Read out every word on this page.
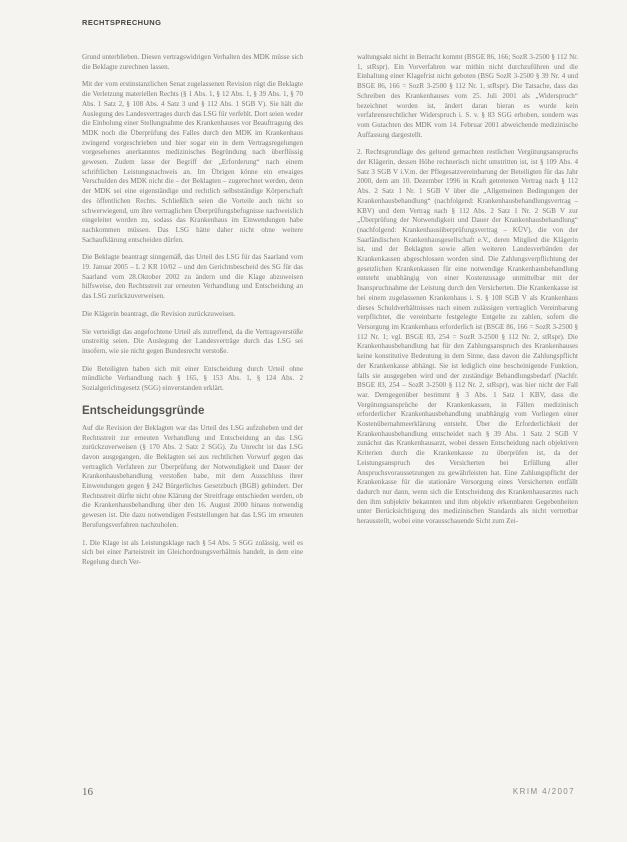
RECHTSPRECHUNG

Grund unterblieben. Diesen vertragswidrigen Verhalten des MDK müsse sich die Beklagte zurechnen lassen.

Mit der vom erstinstanzlichen Senat zugelassenen Revision rügt die Beklagte die Verletzung materiellen Rechts (§ 1 Abs. 1, § 12 Abs. 1, § 39 Abs. 1, § 70 Abs. 1 Satz 2, § 108 Abs. 4 Satz 3 und § 112 Abs. 1 SGB V). Sie hält die Auslegung des Landesvertrages durch das LSG für verfehlt. Dort seien weder die Einholung einer Stellungnahme des Krankenhauses vor Beauftragung des MDK noch die Überprüfung des Falles durch den MDK im Krankenhaus zwingend vorgeschrieben und hier sogar ein in dem Vertragsregelungen vorgesehenes anerkanntes medizinisches Begründung nach überflüssig gewesen. Zudem lasse der Begriff der „Erforderung“ nach einem schriftlichen Leistungsnachweis an. Im Übrigen könne ein etwaiges Verschulden des MDK nicht die – der Beklagten – zugerechnet werden, denn der MDK sei eine eigenständige und rechtlich selbstständige Körperschaft des öffentlichen Rechts. Schließlich seien die Vorteile auch nicht so schwerwiegend, um ihre vertraglichen Überprüfungsbefugnisse nachweislich eingeleitet worden zu, sodass das Krankenhaus im Einwendungen habe nachkommen müssen. Das LSG hätte daher nicht ohne weitere Sachaufklärung entscheiden dürfen.

Die Beklagte beantragt sinngemäß, das Urteil des LSG für das Saarland vom 19. Januar 2005 – L 2 KR 10/02 – und den Gerichtsbescheid des SG für das Saarland vom 28.Oktober 2002 zu ändern und die Klage abzuweisen hilfsweise, den Rechtsstreit zur erneuten Verhandlung und Entscheidung an das LSG zurückzuverweisen.

Die Klägerin beantragt, die Revision zurückzuweisen.

Sie verteidigt das angefochtene Urteil als zutreffend, da die Vertragsverstöße unstreitig seien. Die Auslegung der Landesverträge durch das LSG sei insofern, wie sie nicht gegen Bundesrecht verstoße.

Die Beteiligten haben sich mit einer Entscheidung durch Urteil ohne mündliche Verhandlung nach § 165, § 153 Abs. 1, § 124 Abs. 2 Sozialgerichtsgesetz (SGG) einverstanden erklärt.

Entscheidungsgründe

Auf die Revision der Beklagten war das Urteil des LSG aufzuheben und der Rechtsstreit zur erneuten Verhandlung und Entscheidung an das LSG zurückzuverweisen (§ 170 Abs. 2 Satz 2 SGG). Zu Unrecht ist das LSG davon ausgegangen, die Beklagten sei aus rechtlichen Vorwurf gegen das vertraglich Verfahren zur Überprüfung der Notwendigkeit und Dauer der Krankenhausbehandlung verstoßen habe, mit dem Ausschluss ihrer Einwendungen gegen § 242 Bürgerliches Gesetzbuch (BGB) gehindert. Der Rechtsstreit dürfte nicht ohne Klärung der Streitfrage entschieden werden, ob die Krankenhausbehandlung über den 16. August 2000 hinaus notwendig gewesen ist. Die dazu notwendigen Feststellungen hat das LSG im erneuten Berufungsverfahren nachzuholen.

1. Die Klage ist als Leistungsklage nach § 54 Abs. 5 SGG zulässig, weil es sich bei einer Parteistreit im Gleichordnungsverhältnis handelt, in dem eine Regelung durch Ver-

waltungsakt nicht in Betracht kommt (BSGE 86, 166; SozR 3-2500 § 112 Nr. 1, stRspr). Ein Vorverfahren war mithin nicht durchzuführen und die Einhaltung einer Klagefrist nicht geboten (BSG SozR 3-2500 § 39 Nr. 4 und BSGE 86, 166 = SozR 3-2500 § 112 Nr. 1, stRspr). Die Tatsache, dass das Schreiben des Krankenhauses vom 25. Juli 2001 als „Widerspruch“ bezeichnet worden ist, ändert daran hieran es wurde kein verfahrensrechtlicher Widerspruch i. S. v. § 83 SGG erhoben, sondern was vom Gutachten des MDK vom 14. Februar 2001 abweichende medizinische Auffassung dargestellt.

2. Rechtsgrundlage des geltend gemachten restlichen Vergütungsanspruchs der Klägerin, dessen Höhe rechnerisch nicht umstritten ist, ist § 109 Abs. 4 Satz 3 SGB V i.V.m. der Pflegesatzvereinbarung der Beteiligten für das Jahr 2000, dem am 10. Dezember 1996 in Kraft getretenen Vertrag nach § 112 Abs. 2 Satz 1 Nr. 1 SGB V über die „Allgemeinen Bedingungen der Krankenhausbehandlung“ (nachfolgend: Krankenhausbehandlungsvertrag – KBV) und dem Vertrag nach § 112 Abs. 2 Satz 1 Nr. 2 SGB V zur „Überprüfung der Notwendigkeit und Dauer der Krankenhausbehandlung“ (nachfolgend: Krankenhausüberprüfungsvertrag – KÜV), die von der Saarländischen Krankenhausgesellschaft e.V., deren Mitglied die Klägerin ist, und der Beklagten sowie allen weiteren Landesverbänden der Krankenkassen abgeschlossen worden sind. Die Zahlungsverpflichtung der gesetzlichen Krankenkassen für eine notwendige Krankenhausbehandlung entsteht unabhängig von einer Kostenzusage unmittelbar mit der Inanspruchnahme der Leistung durch den Versicherten. Die Krankenkasse ist bei einem zugelassenen Krankenhaus i. S. § 108 SGB V als Krankenhaus dieses Schuldverhältnisses nach einem zulässigen vertraglich Vereinbarung verpflichtet, die vereinbarte festgelegte Entgelte zu zahlen, sofern die Versorgung im Krankenhaus erforderlich ist (BSGE 86, 166 = SozR 3-2500 § 112 Nr. 1; vgl. BSGE 83, 254 = SozR 3-2500 § 112 Nr. 2, stRspr). Die Krankenhausbehandlung hat für den Zahlungsanspruch des Krankenhauses keine konstitutive Bedeutung in dem Sinne, dass davon die Zahlungspflicht der Krankenkasse abhängt. Sie ist lediglich eine bescheinigende Funktion, falls sie ausgegeben wird und der zuständige Behandlungsbedarf (Nachfr. BSGE 83, 254 – SozR 3-2500 § 112 Nr. 2, stRspr), was hier nicht der Fall war. Demgegenüber bestimmt § 3 Abs. 1 Satz 1 KBV, dass die Vergütungsansprüche der Krankenkassen, in Fällen medizinisch erforderlicher Krankenhausbehandlung unabhängig vom Vorliegen einer Kostenübernahmeerklärung entsteht. Über die Erforderlichkeit der Krankenhausbehandlung entscheidet nach § 39 Abs. 1 Satz 2 SGB V zunächst das Krankenhausarzt, wobei dessen Entscheidung nach objektiven Kriterien durch die Krankenkasse zu überprüfen ist, da der Leistungsanspruch des Versicherten bei Erfüllung aller Anspruchsvoraussetzungen zu gewährleisten hat. Eine Zahlungspflicht der Krankenkasse für die stationäre Versorgung eines Versicherten entfällt dadurch nur dann, wenn sich die Entscheidung des Krankenhausarztes nach den ihm subjektiv bekannten und ihm objektiv erkennbaren Gegebenheiten unter Berücksichtigung des medizinischen Standards als nicht vertretbar herausstellt, wobei eine vorausschauende Sicht zum Zei-

16	KRIM 4/2007
